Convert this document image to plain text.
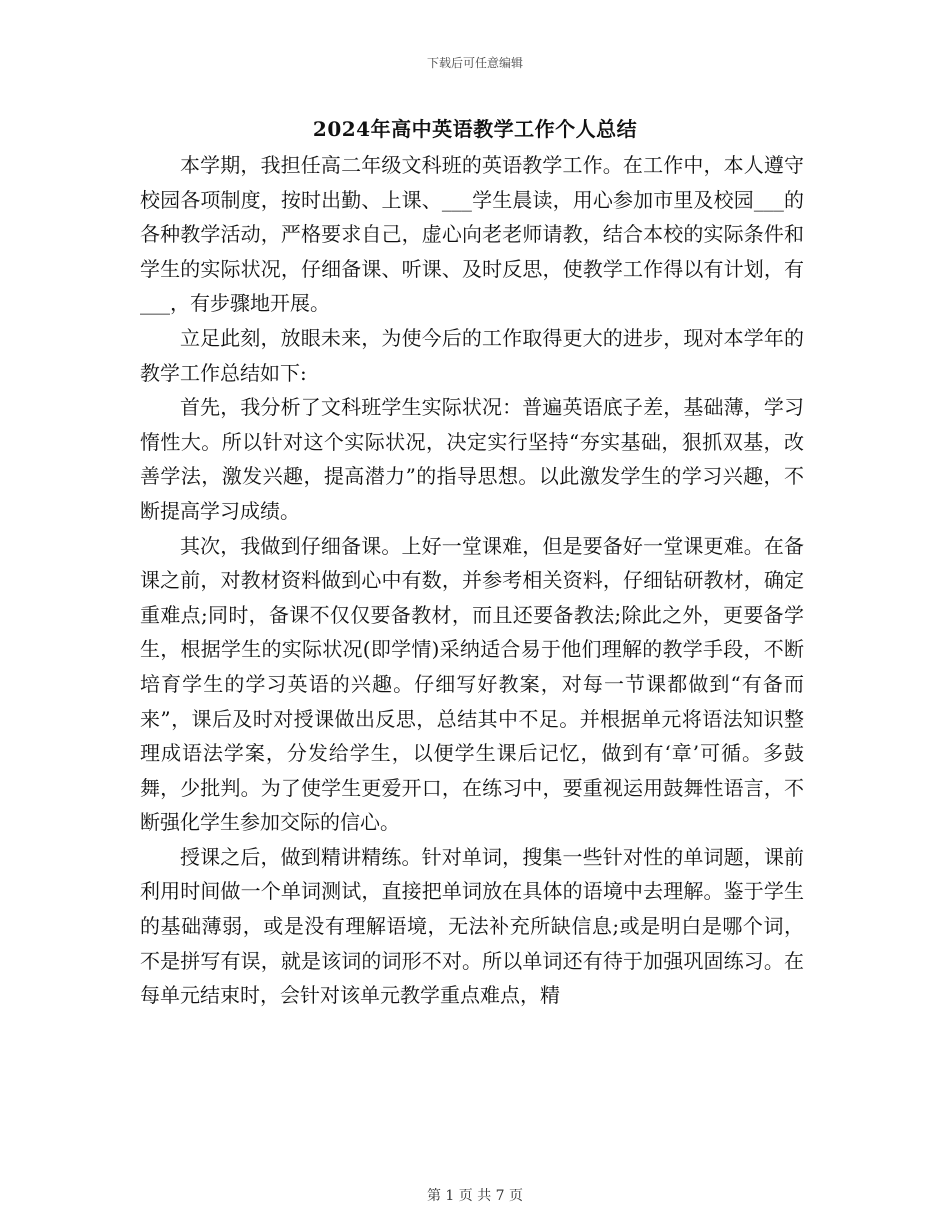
下载后可任意编辑
2024年高中英语教学工作个人总结

本学期，我担任高二年级文科班的英语教学工作。在工作中，本人遵守校园各项制度，按时出勤、上课、___学生晨读，用心参加市里及校园___的各种教学活动，严格要求自己，虚心向老老师请教，结合本校的实际条件和学生的实际状况，仔细备课、听课、及时反思，使教学工作得以有计划，有___，有步骤地开展。

立足此刻，放眼未来，为使今后的工作取得更大的进步，现对本学年的教学工作总结如下:

首先，我分析了文科班学生实际状况：普遍英语底子差，基础薄，学习惰性大。所以针对这个实际状况，决定实行坚持“夯实基础，狠抓双基，改善学法，激发兴趣，提高潜力”的指导思想。以此激发学生的学习兴趣，不断提高学习成绩。

其次，我做到仔细备课。上好一堂课难，但是要备好一堂课更难。在备课之前，对教材资料做到心中有数，并参考相关资料，仔细钻研教材，确定重难点;同时，备课不仅仅要备教材，而且还要备教法;除此之外，更要备学生，根据学生的实际状况(即学情)采纳适合易于他们理解的教学手段，不断培育学生的学习英语的兴趣。仔细写好教案，对每一节课都做到“有备而来”，课后及时对授课做出反思，总结其中不足。并根据单元将语法知识整理成语法学案，分发给学生，以便学生课后记忆，做到有‘章’可循。多鼓舞，少批判。为了使学生更爱开口，在练习中，要重视运用鼓舞性语言，不断强化学生参加交际的信心。

授课之后，做到精讲精练。针对单词，搜集一些针对性的单词题，课前利用时间做一个单词测试，直接把单词放在具体的语境中去理解。鉴于学生的基础薄弱，或是没有理解语境，无法补充所缺信息;或是明白是哪个词，不是拼写有误，就是该词的词形不对。所以单词还有待于加强巩固练习。在每单元结束时，会针对该单元教学重点难点，精

第 1 页 共 7 页
